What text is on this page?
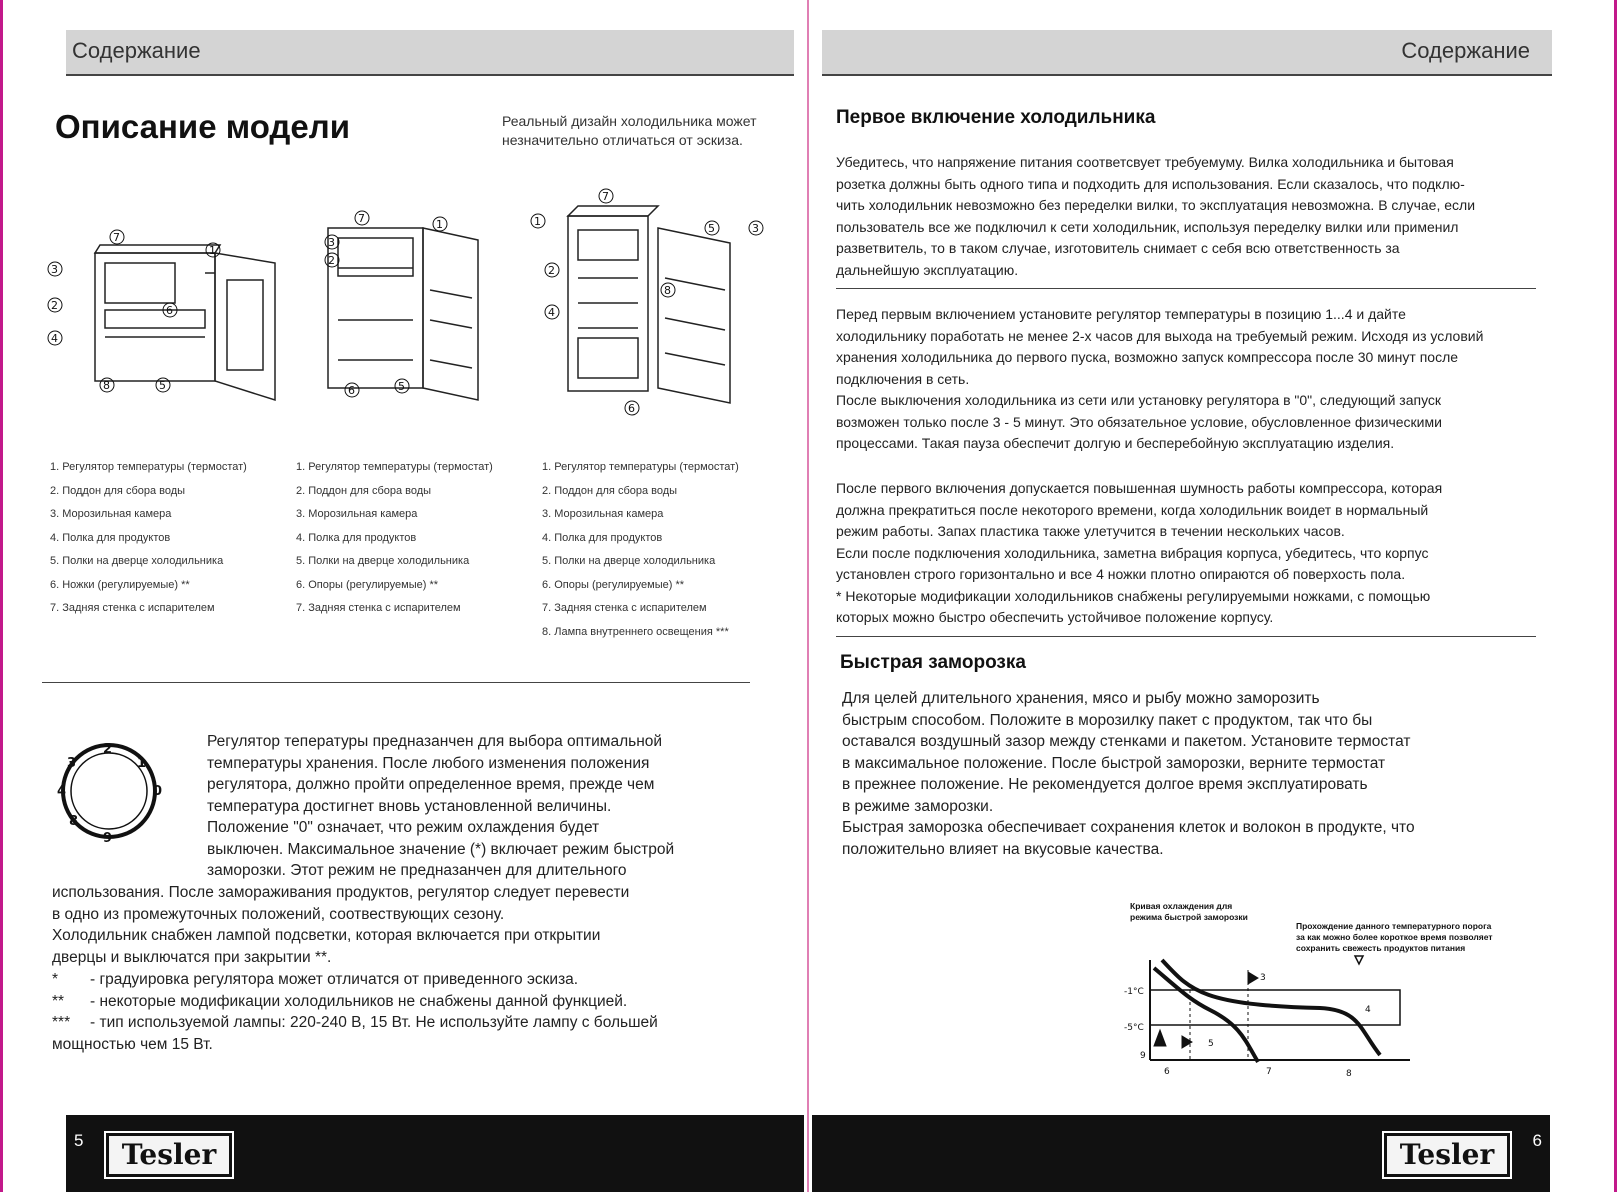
Содержание	Содержание
Описание модели	Реальный дизайн холодильника может
незначительно отличаться от эскиза.
7
1
3
2
4
6
8	5
7	1
3
2
6	5
7
1
5	3
2
8
4
6
1. Регулятор температуры (термостат)
2. Поддон для сбора воды
3. Морозильная камера
4. Полка для продуктов
5. Полки на дверце холодильника
6. Ножки (регулируемые) **
7. Задняя стенка с испарителем
1. Регулятор температуры (термостат)
2. Поддон для сбора воды
3. Морозильная камера
4. Полка для продуктов
5. Полки на дверце холодильника
6. Опоры (регулируемые) **
7. Задняя стенка с испарителем
1. Регулятор температуры (термостат)
2. Поддон для сбора воды
3. Морозильная камера
4. Полка для продуктов
5. Полки на дверце холодильника
6. Опоры (регулируемые) **
7. Задняя стенка с испарителем
8. Лампа внутреннего освещения ***
2
1
0
9
8
4
3
Регулятор тепературы предназанчен для выбора оптимальной
температуры хранения. После любого изменения положения
регулятора, должно пройти определенное время, прежде чем
температура достигнет вновь установленной величины.
Положение "0" означает, что режим охлаждения будет
выключен. Максимальное значение (*) включает режим быстрой
заморозки. Этот режим не предназанчен для длительного
использования. После замораживания продуктов, регулятор следует перевести
в одно из промежуточных положений, соотвествующих сезону.
Холодильник снабжен лампой подсветки, которая включается при открытии
дверцы и выключатся при закрытии **.
*	- градуировка регулятора может отличатся от приведенного эскиза.
** - некоторые модификации холодильников не снабжены данной функцией.
*** - тип используемой лампы: 220-240 В, 15 Вт. Не используйте лампу с большей
мощностью чем 15 Вт.
Первое включение холодильника
Убедитесь, что напряжение питания соответсвует требуемуму. Вилка холодильника и бытовая
розетка должны быть одного типа и подходить для использования. Если сказалось, что подклю-
чить холодильник невозможно без переделки вилки, то эксплуатация невозможна. В случае, если
пользователь все же подключил к сети холодильник, используя переделку вилки или применил
разветвитель, то в таком случае, изготовитель снимает с себя всю ответственность за
дальнейшую эксплуатацию.
Перед первым включением установите регулятор температуры в позицию 1...4 и дайте
холодильнику поработать не менее 2-х часов для выхода на требуемый режим. Исходя из условий
хранения холодильника до первого пуска, возможно запуск компрессора после 30 минут после
подключения в сеть.
После выключения холодильника из сети или установку регулятора в "0", следующий запуск
возможен только после 3 - 5 минут. Это обязательное условие, обусловленное физическими
процессами. Такая пауза обеспечит долгую и бесперебойную эксплуатацию изделия.
После первого включения допускается повышенная шумность работы компрессора, которая
должна прекратиться после некоторого времени, когда холодильник воидет в нормальный
режим работы. Запах пластика также улетучится в течении нескольких часов.
Если после подключения холодильника, заметна вибрация корпуса, убедитесь, что корпус
установлен строго горизонтально и все 4 ножки плотно опираются об поверхость пола.
* Некоторые модификации холодильников снабжены регулируемыми ножками, с помощью
которых можно быстро обеспечить устойчивое положение корпусу.
Быстрая заморозка
Для целей длительного хранения, мясо и рыбу можно заморозить
быстрым способом. Положите в морозилку пакет с продуктом, так что бы
оставался воздушный зазор между стенками и пакетом. Установите термостат
в максимальное положение. После быстрой заморозки, верните термостат
в прежнее положение. Не рекомендуется долгое время эксплуатировать
в режиме заморозки.
Быстрая заморозка обеспечивает сохранения клеток и волокон в продукте, что
положительно влияет на вкусовые качества.
Кривая охлаждения для
режима быстрой заморозки
Прохождение данного температурного порога
за как можно более короткое время позволяет
сохранить свежесть продуктов питания
-1°C
-5°C
3
4
5
6	7	8
9
5	Tesler	6
Tesler
